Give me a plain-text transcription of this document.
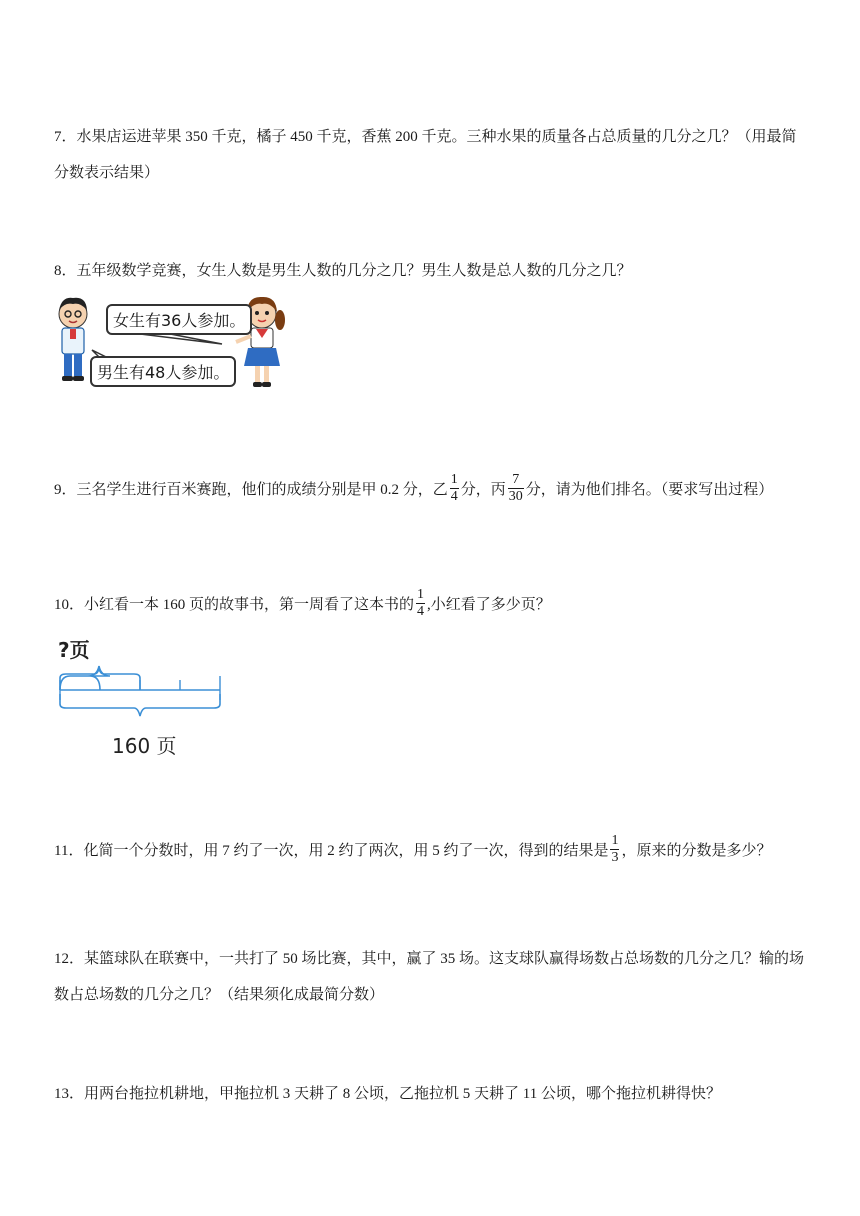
7．水果店运进苹果 350 千克，橘子 450 千克，香蕉 200 千克。三种水果的质量各占总质量的几分之几？（用最简
分数表示结果）
8．五年级数学竞赛，女生人数是男生人数的几分之几？男生人数是总人数的几分之几？
女生有36人参加。
男生有48人参加。
9．三名学生进行百米赛跑，他们的成绩分别是甲 0.2 分，乙 $\frac{1}{4}$ 分，丙 $\frac{7}{30}$ 分，请为他们排名。（要求写出过程）
10．小红看一本 160 页的故事书，第一周看了这本书的 $\frac{1}{4}$ ,小红看了多少页？
?页
160 页
11．化简一个分数时，用 7 约了一次，用 2 约了两次，用 5 约了一次，得到的结果是 $\frac{1}{3}$ ，原来的分数是多少？
12．某篮球队在联赛中，一共打了 50 场比赛，其中，赢了 35 场。这支球队赢得场数占总场数的几分之几？输的场
数占总场数的几分之几？（结果须化成最简分数）
13．用两台拖拉机耕地，甲拖拉机 3 天耕了 8 公顷，乙拖拉机 5 天耕了 11 公顷，哪个拖拉机耕得快？
